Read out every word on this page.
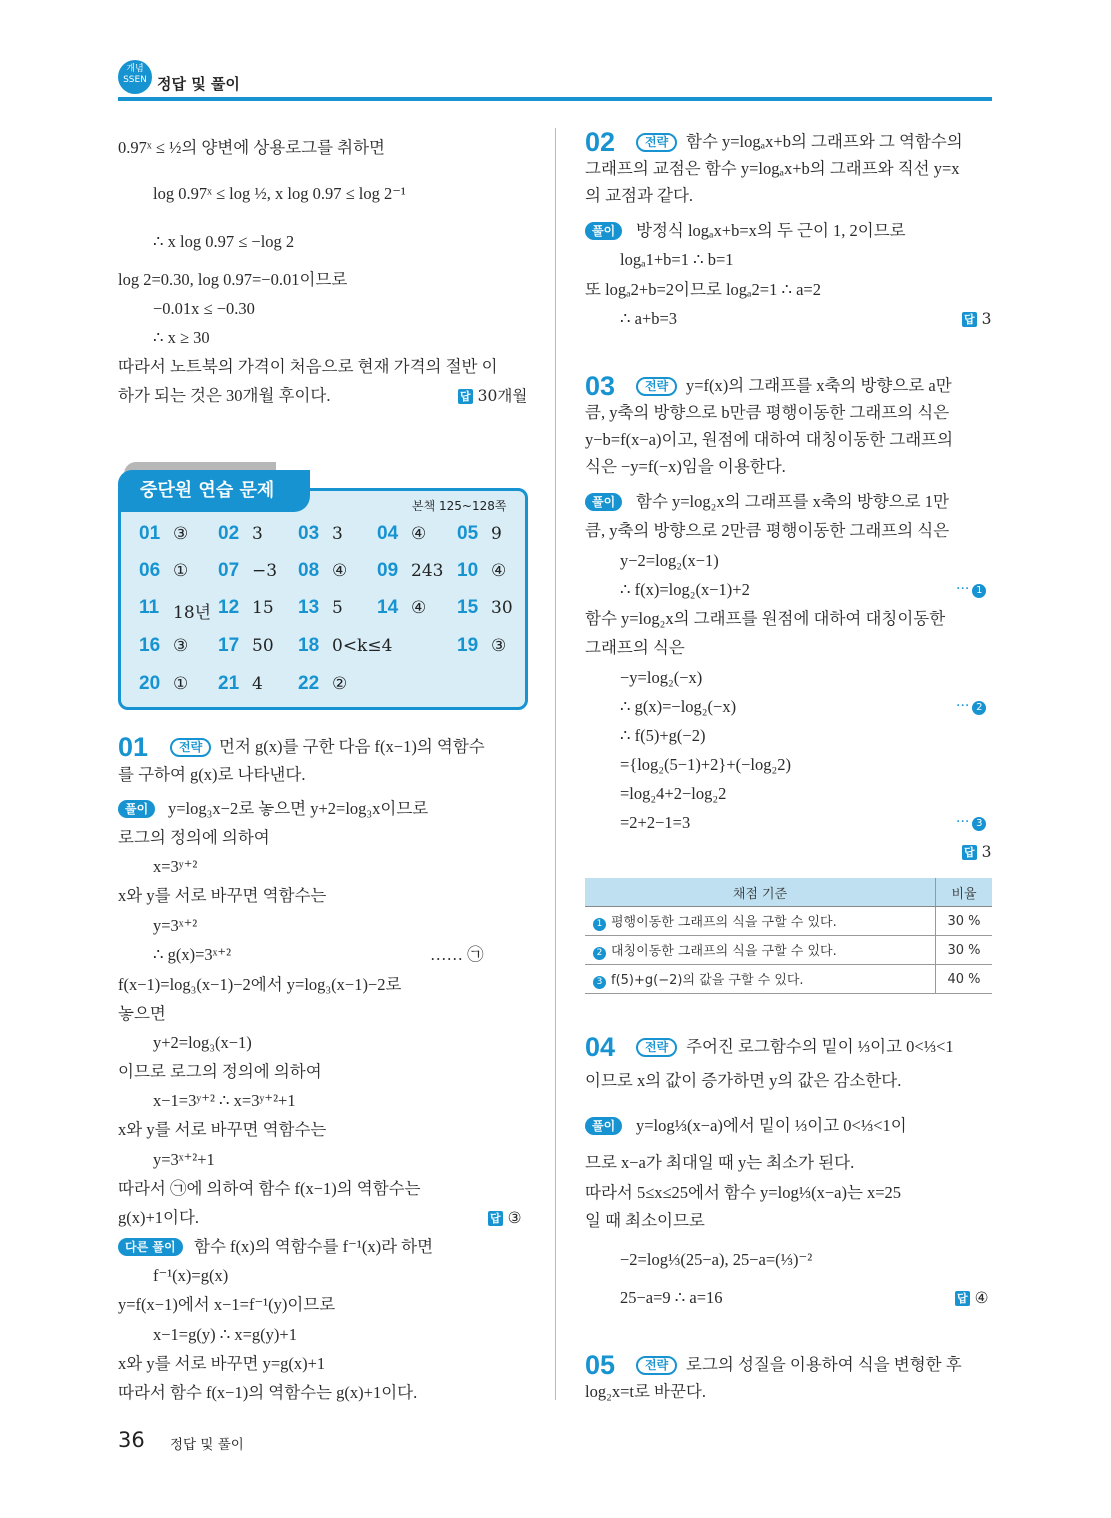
개념
SSEN 정답 및 풀이
중단원 연습 문제
본책 125~128쪽
채점 기준	비율
1 평행이동한 그래프의 식을 구할 수 있다.	30 %
2 대칭이동한 그래프의 식을 구할 수 있다.	30 %
3 f(5)+g(−2)의 값을 구할 수 있다.	40 %
36 정답 및 풀이
0.97ˣ ≤ ½의 양변에 상용로그를 취하면
log 0.97ˣ ≤ log ½, x log 0.97 ≤ log 2⁻¹
∴ x log 0.97 ≤ −log 2
log 2=0.30, log 0.97=−0.01이므로
−0.01x ≤ −0.30
∴ x ≥ 30
따라서 노트북의 가격이 처음으로 현재 가격의 절반 이
하가 되는 것은 30개월 후이다.
먼저 g(x)를 구한 다음 f(x−1)의 역함수
를 구하여 g(x)로 나타낸다.
y=log₃x−2로 놓으면 y+2=log₃x이므로
로그의 정의에 의하여
x=3ʸ⁺²
x와 y를 서로 바꾸면 역함수는
y=3ˣ⁺²
∴ g(x)=3ˣ⁺²	…… ㉠
f(x−1)=log₃(x−1)−2에서 y=log₃(x−1)−2로
놓으면
y+2=log₃(x−1)
이므로 로그의 정의에 의하여
x−1=3ʸ⁺² ∴ x=3ʸ⁺²+1
x와 y를 서로 바꾸면 역함수는
y=3ˣ⁺²+1
따라서 ㉠에 의하여 함수 f(x−1)의 역함수는
g(x)+1이다.
함수 f(x)의 역함수를 f⁻¹(x)라 하면
f⁻¹(x)=g(x)
y=f(x−1)에서 x−1=f⁻¹(y)이므로
x−1=g(y) ∴ x=g(y)+1
x와 y를 서로 바꾸면 y=g(x)+1
따라서 함수 f(x−1)의 역함수는 g(x)+1이다.
함수 y=logₐx+b의 그래프와 그 역함수의
그래프의 교점은 함수 y=logₐx+b의 그래프와 직선 y=x
의 교점과 같다.
방정식 logₐx+b=x의 두 근이 1, 2이므로
logₐ1+b=1 ∴ b=1
또 logₐ2+b=2이므로 logₐ2=1 ∴ a=2
∴ a+b=3
y=f(x)의 그래프를 x축의 방향으로 a만
큼, y축의 방향으로 b만큼 평행이동한 그래프의 식은
y−b=f(x−a)이고, 원점에 대하여 대칭이동한 그래프의
식은 −y=f(−x)임을 이용한다.
함수 y=log₂x의 그래프를 x축의 방향으로 1만
큼, y축의 방향으로 2만큼 평행이동한 그래프의 식은
y−2=log₂(x−1)
∴ f(x)=log₂(x−1)+2
함수 y=log₂x의 그래프를 원점에 대하여 대칭이동한
그래프의 식은
−y=log₂(−x)
∴ g(x)=−log₂(−x)
∴ f(5)+g(−2)
={log₂(5−1)+2}+(−log₂2)
=log₂4+2−log₂2
=2+2−1=3
주어진 로그함수의 밑이 ⅓이고 0<⅓<1
이므로 x의 값이 증가하면 y의 값은 감소한다.
y=log⅓(x−a)에서 밑이 ⅓이고 0<⅓<1이
므로 x−a가 최대일 때 y는 최소가 된다.
따라서 5≤x≤25에서 함수 y=log⅓(x−a)는 x=25
일 때 최소이므로
−2=log⅓(25−a), 25−a=(⅓)⁻²
25−a=9 ∴ a=16
로그의 성질을 이용하여 식을 변형한 후
log₂x=t로 바꾼다.
01
02
03
04
05
전략
풀이
다른 풀이
전략
풀이
전략
풀이
전략
풀이
전략
답 30개월
답 ③
답 3
답 3
답 ④
··· 1
··· 2
··· 3
01 ③ 02 3 03 3 04 ④ 05 9
06 ① 07 −3 08 ④ 09 243 10 ④
11 18년 12 15 13 5 14 ④ 15 30
16 ③ 17 50 18 0<k≤4	19 ③
20 ① 21 4 22 ②
